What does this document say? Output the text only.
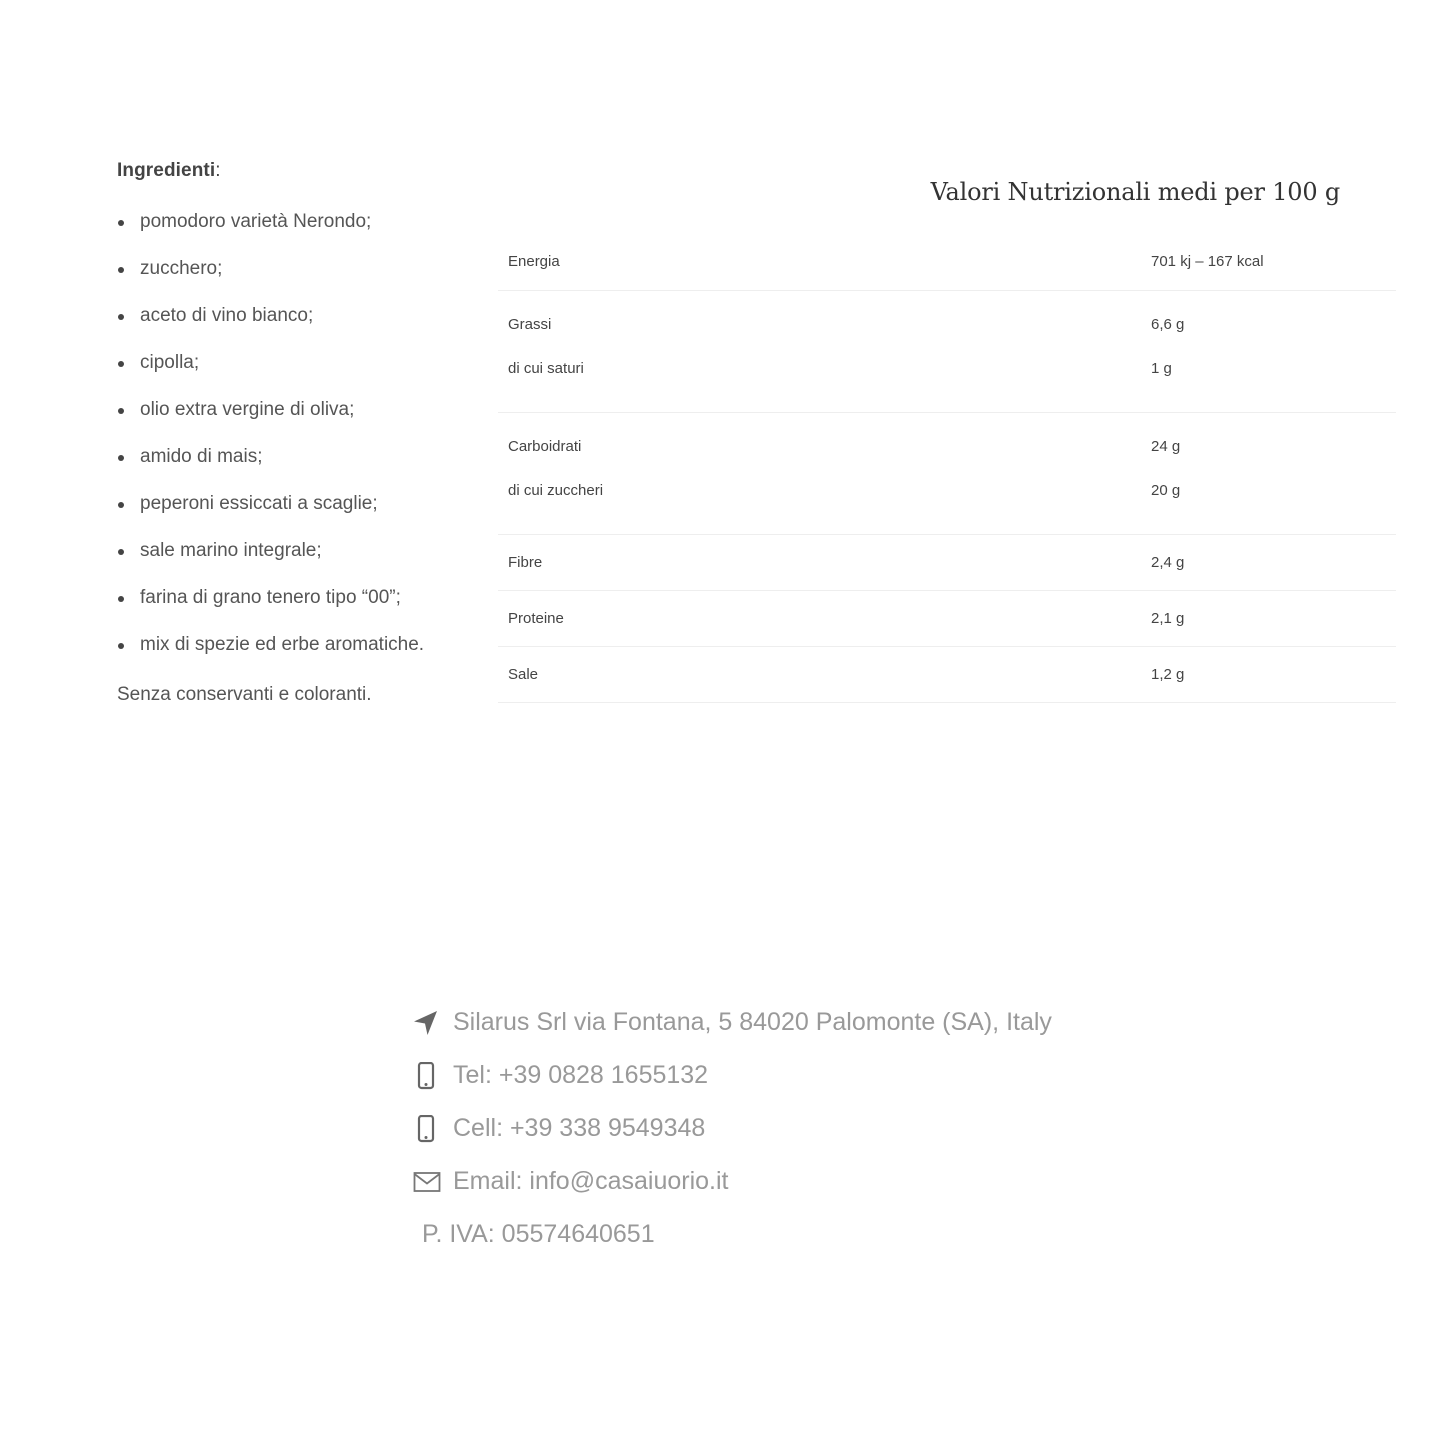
Ingredienti:
pomodoro varietà Nerondo;
zucchero;
aceto di vino bianco;
cipolla;
olio extra vergine di oliva;
amido di mais;
peperoni essiccati a scaglie;
sale marino integrale;
farina di grano tenero tipo “00”;
mix di spezie ed erbe aromatiche.

Senza conservanti e coloranti.

Valori Nutrizionali medi per 100 g
Energia	701 kj – 167 kcal
Grassi	6,6 g
di cui saturi	1 g

Carboidrati	24 g
di cui zuccheri	20 g

Fibre	2,4 g
Proteine	2,1 g
Sale	1,2 g
Silarus Srl via Fontana, 5 84020 Palomonte (SA), Italy
Tel: +39 0828 1655132
Cell: +39 338 9549348
Email: info@casaiuorio.it
P. IVA: 05574640651
